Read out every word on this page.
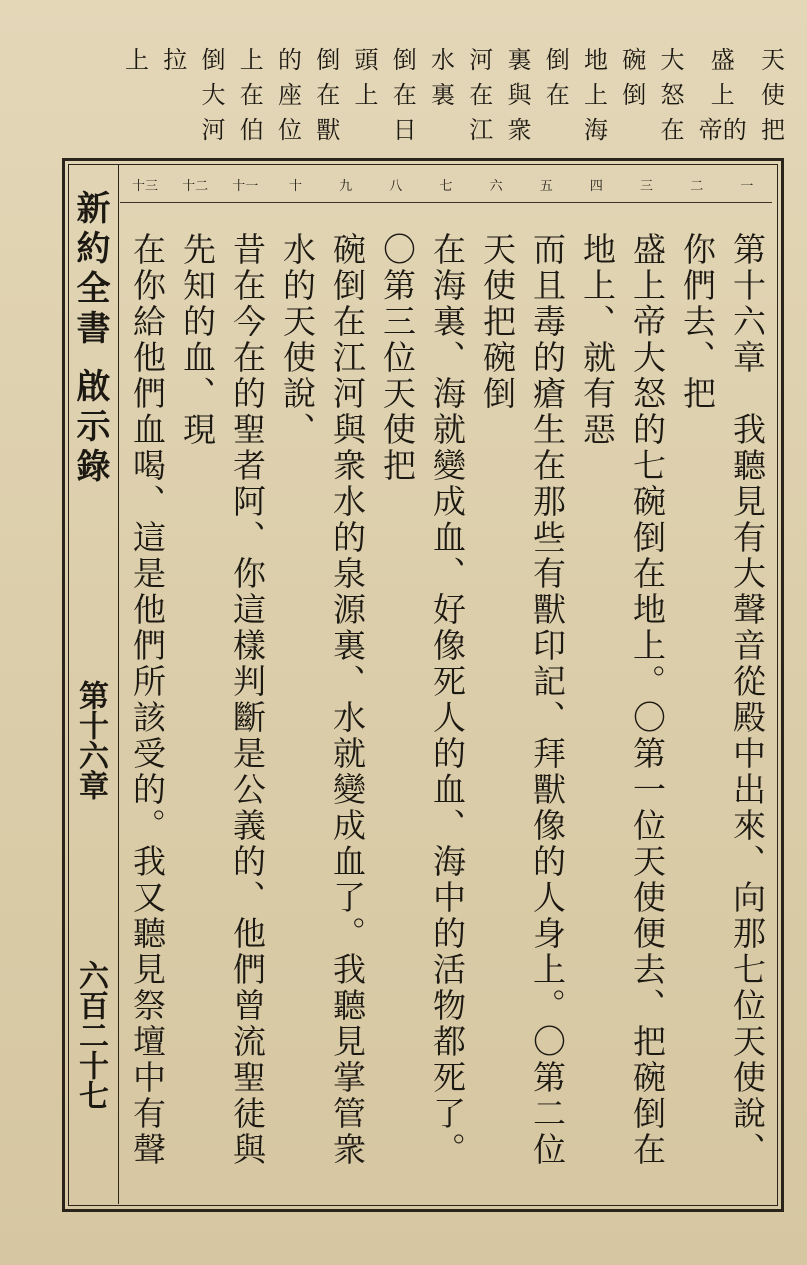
天
使
把
盛
上
帝的
大
怒
在
碗
倒
地
上
海
倒
在
裏
與
衆
河
在
江
水
裏
倒
在
日
頭
上
倒
在
獸
的
座
位
上
在
伯
倒
大
河
拉
上
一
二
三
四
五
六
七
八
九
十
十一
十二
十三
新約全書 啟示錄
第十六章
六百二十七	第十六章　我聽見有大聲音從殿中出來、向那七位天使說、你們去、把
盛上帝大怒的七碗倒在地上。〇第一位天使便去、把碗倒在地上、就有惡
而且毒的瘡生在那些有獸印記、拜獸像的人身上。〇第二位天使把碗倒
在海裏、海就變成血、好像死人的血、海中的活物都死了。〇第三位天使把
碗倒在江河與衆水的泉源裏、水就變成血了。我聽見掌管衆水的天使說、
昔在今在的聖者阿、你這樣判斷是公義的、他們曾流聖徒與先知的血、現
在你給他們血喝、這是他們所該受的。我又聽見祭壇中有聲
